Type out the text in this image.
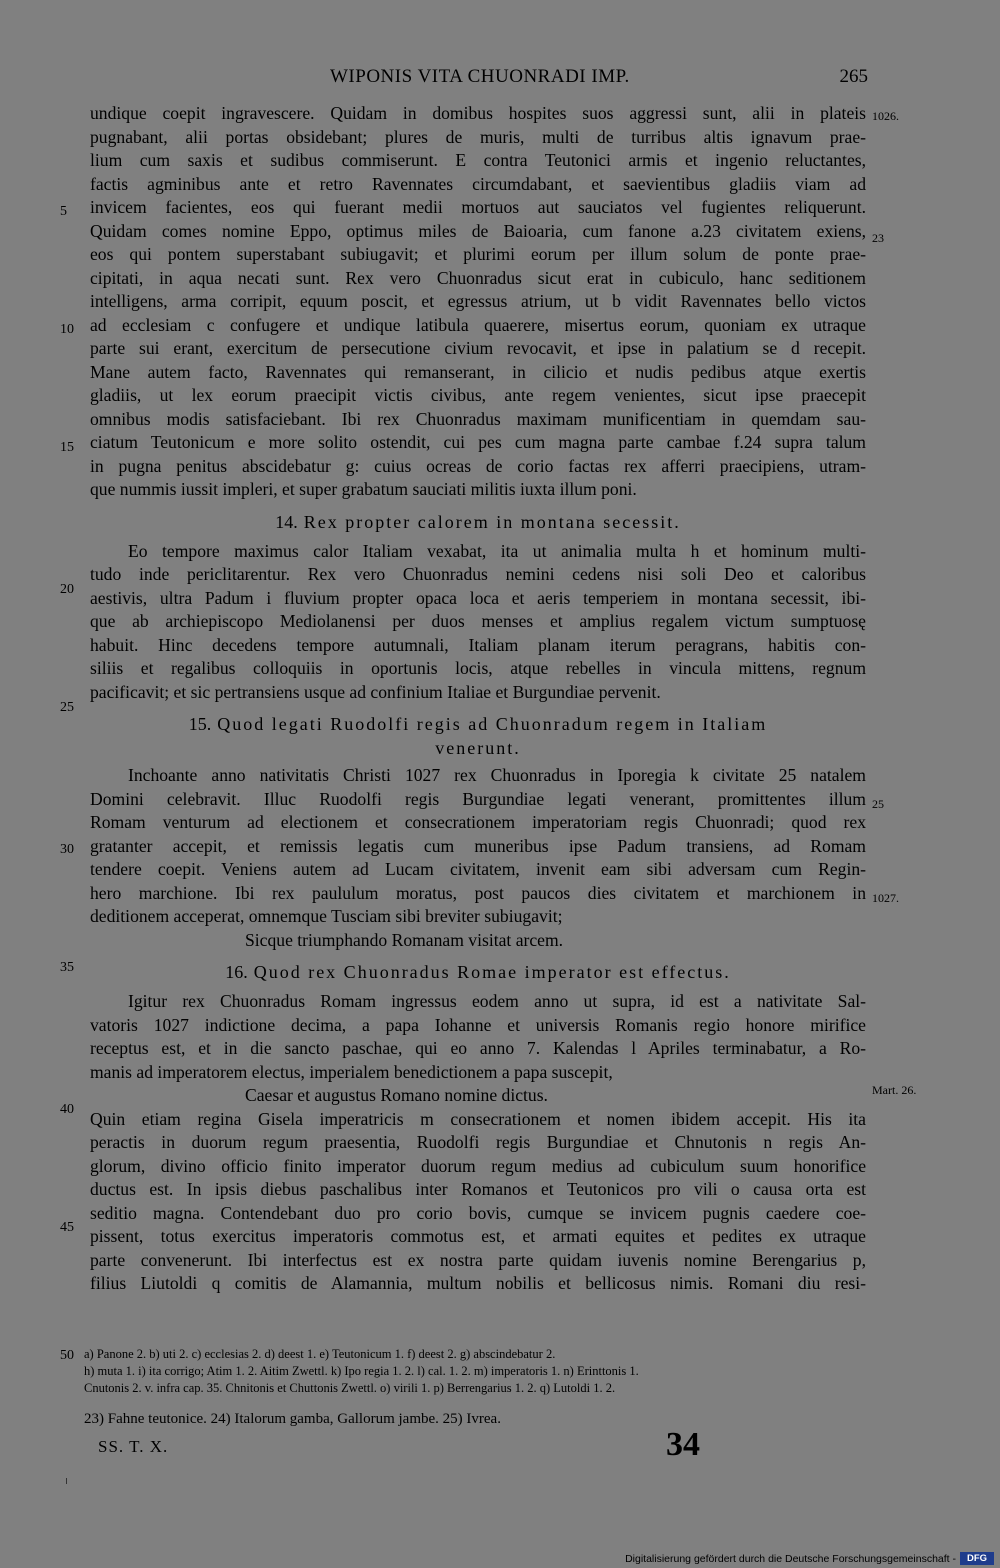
WIPONIS VITA CHUONRADI IMP.	265
undique coepit ingravescere. Quidam in domibus hospites suos aggressi sunt, alii in plateis
pugnabant, alii portas obsidebant; plures de muris, multi de turribus altis ignavum prae-
lium cum saxis et sudibus commiserunt. E contra Teutonici armis et ingenio reluctantes,
factis agminibus ante et retro Ravennates circumdabant, et saevientibus gladiis viam ad
invicem facientes, eos qui fuerant medii mortuos aut sauciatos vel fugientes reliquerunt.
Quidam comes nomine Eppo, optimus miles de Baioaria, cum fanone a.23 civitatem exiens,
eos qui pontem superstabant subiugavit; et plurimi eorum per illum solum de ponte prae-
cipitati, in aqua necati sunt. Rex vero Chuonradus sicut erat in cubiculo, hanc seditionem
intelligens, arma corripit, equum poscit, et egressus atrium, ut b vidit Ravennates bello victos
ad ecclesiam c confugere et undique latibula quaerere, misertus eorum, quoniam ex utraque
parte sui erant, exercitum de persecutione civium revocavit, et ipse in palatium se d recepit.
Mane autem facto, Ravennates qui remanserant, in cilicio et nudis pedibus atque exertis
gladiis, ut lex eorum praecipit victis civibus, ante regem venientes, sicut ipse praecepit
omnibus modis satisfaciebant. Ibi rex Chuonradus maximam munificentiam in quemdam sau-
ciatum Teutonicum e more solito ostendit, cui pes cum magna parte cambae f.24 supra talum
in pugna penitus abscidebatur g: cuius ocreas de corio factas rex afferri praecipiens, utram-
que nummis iussit impleri, et super grabatum sauciati militis iuxta illum poni.
14. Rex propter calorem in montana secessit.
Eo tempore maximus calor Italiam vexabat, ita ut animalia multa h et hominum multi-
tudo inde periclitarentur. Rex vero Chuonradus nemini cedens nisi soli Deo et caloribus
aestivis, ultra Padum i fluvium propter opaca loca et aeris temperiem in montana secessit, ibi-
que ab archiepiscopo Mediolanensi per duos menses et amplius regalem victum sumptuosę
habuit. Hinc decedens tempore autumnali, Italiam planam iterum peragrans, habitis con-
siliis et regalibus colloquiis in oportunis locis, atque rebelles in vincula mittens, regnum
pacificavit; et sic pertransiens usque ad confinium Italiae et Burgundiae pervenit.
15. Quod legati Ruodolfi regis ad Chuonradum regem in Italiam
venerunt.
Inchoante anno nativitatis Christi 1027 rex Chuonradus in Iporegia k civitate 25 natalem
Domini celebravit. Illuc Ruodolfi regis Burgundiae legati venerant, promittentes illum
Romam venturum ad electionem et consecrationem imperatoriam regis Chuonradi; quod rex
gratanter accepit, et remissis legatis cum muneribus ipse Padum transiens, ad Romam
tendere coepit. Veniens autem ad Lucam civitatem, invenit eam sibi adversam cum Regin-
hero marchione. Ibi rex paululum moratus, post paucos dies civitatem et marchionem in
deditionem acceperat, omnemque Tusciam sibi breviter subiugavit;
Sicque triumphando Romanam visitat arcem.
16. Quod rex Chuonradus Romae imperator est effectus.
Igitur rex Chuonradus Romam ingressus eodem anno ut supra, id est a nativitate Sal-
vatoris 1027 indictione decima, a papa Iohanne et universis Romanis regio honore mirifice
receptus est, et in die sancto paschae, qui eo anno 7. Kalendas l Apriles terminabatur, a Ro-
manis ad imperatorem electus, imperialem benedictionem a papa suscepit,
Caesar et augustus Romano nomine dictus.
Quin etiam regina Gisela imperatricis m consecrationem et nomen ibidem accepit. His ita
peractis in duorum regum praesentia, Ruodolfi regis Burgundiae et Chnutonis n regis An-
glorum, divino officio finito imperator duorum regum medius ad cubiculum suum honorifice
ductus est. In ipsis diebus paschalibus inter Romanos et Teutonicos pro vili o causa orta est
seditio magna. Contendebant duo pro corio bovis, cumque se invicem pugnis caedere coe-
pissent, totus exercitus imperatoris commotus est, et armati equites et pedites ex utraque
parte convenerunt. Ibi interfectus est ex nostra parte quidam iuvenis nomine Berengarius p,
filius Liutoldi q comitis de Alamannia, multum nobilis et bellicosus nimis. Romani diu resi-
5
10
15
20
25
30
35
40
45
50
1026.
23
25
1027.
Mart. 26.
a) Panone 2. b) uti 2. c) ecclesias 2. d) deest 1. e) Teutonicum 1. f) deest 2. g) abscindebatur 2.
h) muta 1. i) ita corrigo; Atim 1. 2. Aitim Zwettl. k) Ipo regia 1. 2. l) cal. 1. 2. m) imperatoris 1. n) Erinttonis 1.
Cnutonis 2. v. infra cap. 35. Chnitonis et Chuttonis Zwettl. o) virili 1. p) Berrengarius 1. 2. q) Lutoldi 1. 2.
23) Fahne teutonice. 24) Italorum gamba, Gallorum jambe. 25) Ivrea.
SS. T. X.	34
Digitalisierung gefördert durch die Deutsche Forschungsgemeinschaft -	DFG
